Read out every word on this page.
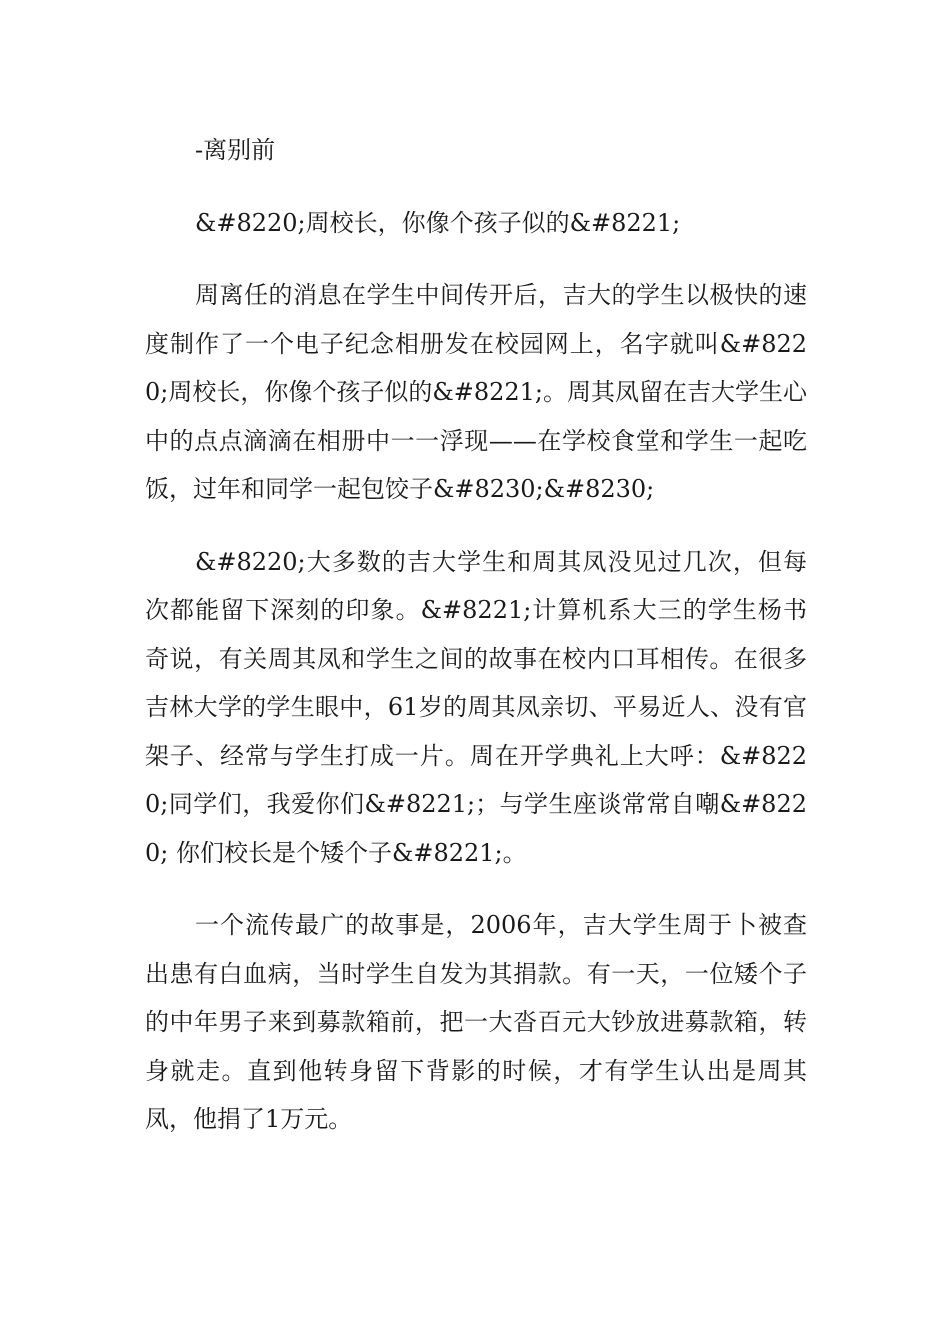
-离别前

&#8220;周校长，你像个孩子似的&#8221;

周离任的消息在学生中间传开后，吉大的学生以极快的速度制作了一个电子纪念相册发在校园网上，名字就叫&#8220;周校长，你像个孩子似的&#8221;。周其凤留在吉大学生心中的点点滴滴在相册中一一浮现——在学校食堂和学生一起吃饭，过年和同学一起包饺子&#8230;&#8230;

&#8220;大多数的吉大学生和周其凤没见过几次，但每次都能留下深刻的印象。&#8221;计算机系大三的学生杨书奇说，有关周其凤和学生之间的故事在校内口耳相传。在很多吉林大学的学生眼中，61岁的周其凤亲切、平易近人、没有官架子、经常与学生打成一片。周在开学典礼上大呼：&#8220;同学们，我爱你们&#8221;；与学生座谈常常自嘲&#8220; 你们校长是个矮个子&#8221;。

一个流传最广的故事是，2006年，吉大学生周于卜被查出患有白血病，当时学生自发为其捐款。有一天，一位矮个子的中年男子来到募款箱前，把一大沓百元大钞放进募款箱，转身就走。直到他转身留下背影的时候，才有学生认出是周其凤，他捐了1万元。
